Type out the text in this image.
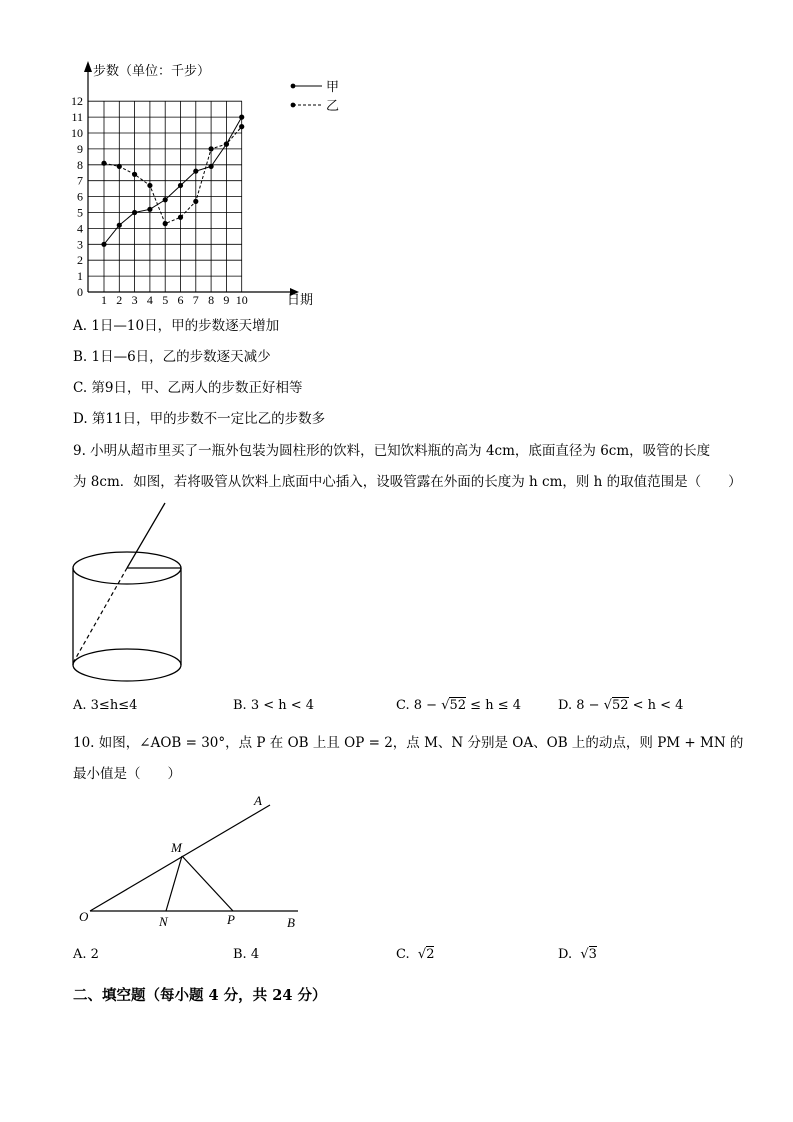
1 2 3 4 5 6 7 8 9 10
0
1
2
3
4
5
6
7
8
9
10
11
12
步数（单位：千步）
日期
甲
乙
A. 1日—10日，甲的步数逐天增加
B. 1日—6日，乙的步数逐天减少
C. 第9日，甲、乙两人的步数正好相等
D. 第11日，甲的步数不一定比乙的步数多
9. 小明从超市里买了一瓶外包装为圆柱形的饮料，已知饮料瓶的高为 4cm，底面直径为 6cm，吸管的长度
为 8cm．如图，若将吸管从饮料上底面中心插入，设吸管露在外面的长度为 h cm，则 h 的取值范围是（　　）
A. 3≤h≤4	B. 3 < h < 4	C. 8 − √52 ≤ h ≤ 4	D. 8 − √52 < h < 4
10. 如图，∠AOB = 30°，点 P 在 OB 上且 OP = 2，点 M、N 分别是 OA、OB 上的动点，则 PM + MN 的
最小值是（　　）
A
M
O	N	P	B
A. 2	B. 4	C. √2	D. √3
二、填空题（每小题 4 分，共 24 分）
